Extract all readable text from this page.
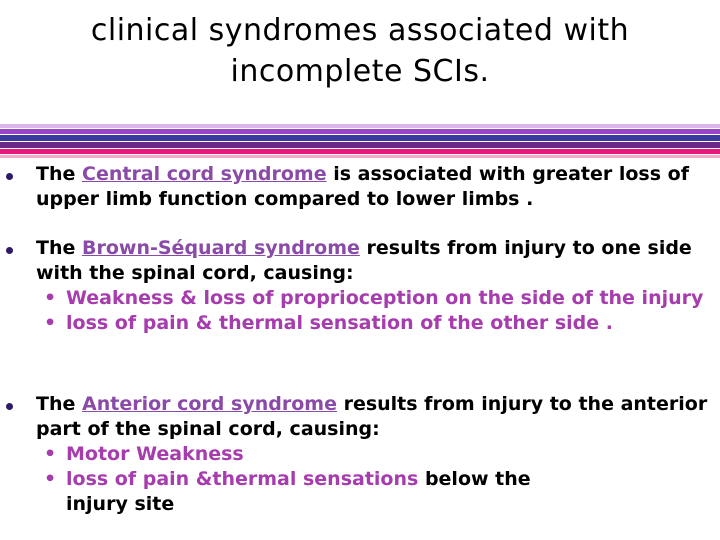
clinical syndromes associated with
incomplete SCIs.
The Central cord syndrome is associated with greater loss of upper limb function compared to lower limbs .
The Brown-Séquard syndrome results from injury to one side with the spinal cord, causing:
• Weakness & loss of proprioception on the side of the injury
• loss of pain & thermal sensation of the other side .
The Anterior cord syndrome results from injury to the anterior part of the spinal cord, causing:
• Motor Weakness
• loss of pain &thermal sensations below the
injury site
